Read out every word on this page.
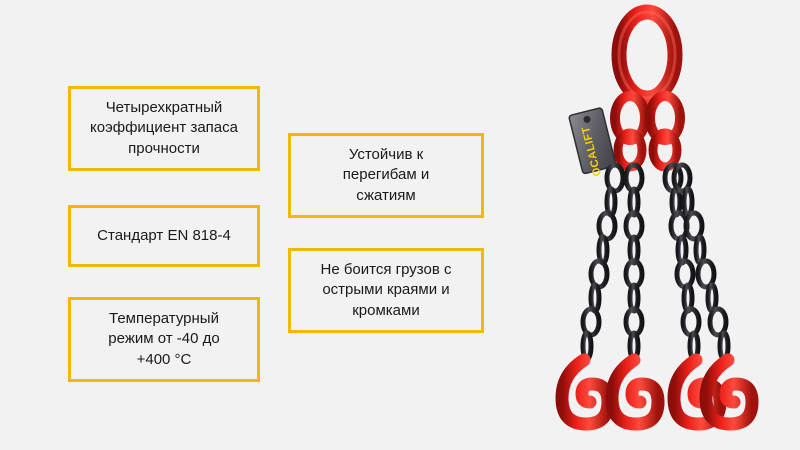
Четырехкратный
коэффициент запаса
прочности
Стандарт EN 818-4
Температурный
режим от -40 до
+400 °C
Устойчив к
перегибам и
сжатиям
Не боится грузов с
острыми краями и
кромками
OCALIFT
